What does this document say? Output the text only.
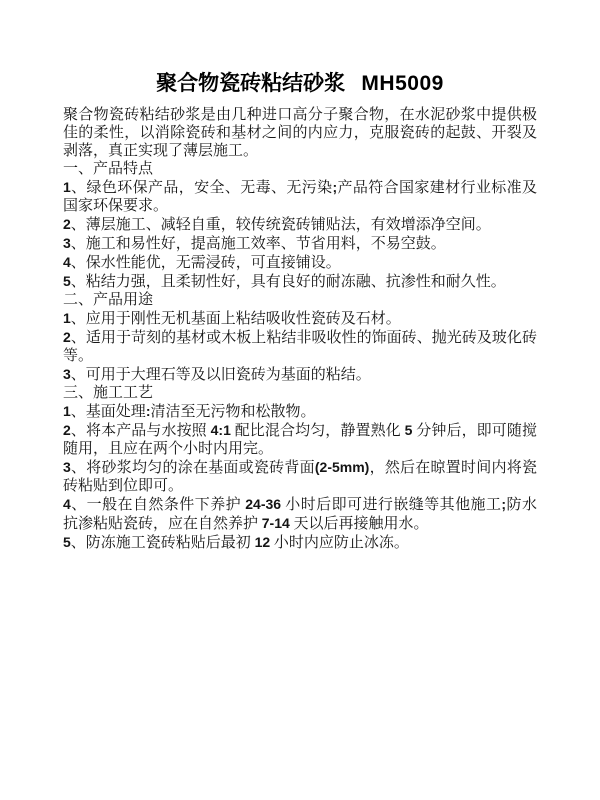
聚合物瓷砖粘结砂浆 MH5009

聚合物瓷砖粘结砂浆是由几种进口高分子聚合物，在水泥砂浆中提供极佳的柔性，以消除瓷砖和基材之间的内应力，克服瓷砖的起鼓、开裂及剥落，真正实现了薄层施工。

一、产品特点

1、绿色环保产品，安全、无毒、无污染;产品符合国家建材行业标准及国家环保要求。

2、薄层施工、减轻自重，较传统瓷砖铺贴法，有效增添净空间。

3、施工和易性好，提高施工效率、节省用料，不易空鼓。

4、保水性能优，无需浸砖，可直接铺设。

5、粘结力强，且柔韧性好，具有良好的耐冻融、抗渗性和耐久性。

二、产品用途

1、应用于刚性无机基面上粘结吸收性瓷砖及石材。

2、适用于苛刻的基材或木板上粘结非吸收性的饰面砖、抛光砖及玻化砖等。

3、可用于大理石等及以旧瓷砖为基面的粘结。

三、施工工艺

1、基面处理:清洁至无污物和松散物。

2、将本产品与水按照 4:1 配比混合均匀，静置熟化 5 分钟后，即可随搅随用，且应在两个小时内用完。

3、将砂浆均匀的涂在基面或瓷砖背面(2-5mm)，然后在晾置时间内将瓷砖粘贴到位即可。

4、一般在自然条件下养护 24-36 小时后即可进行嵌缝等其他施工;防水抗渗粘贴瓷砖，应在自然养护 7-14 天以后再接触用水。

5、防冻施工瓷砖粘贴后最初 12 小时内应防止冰冻。
